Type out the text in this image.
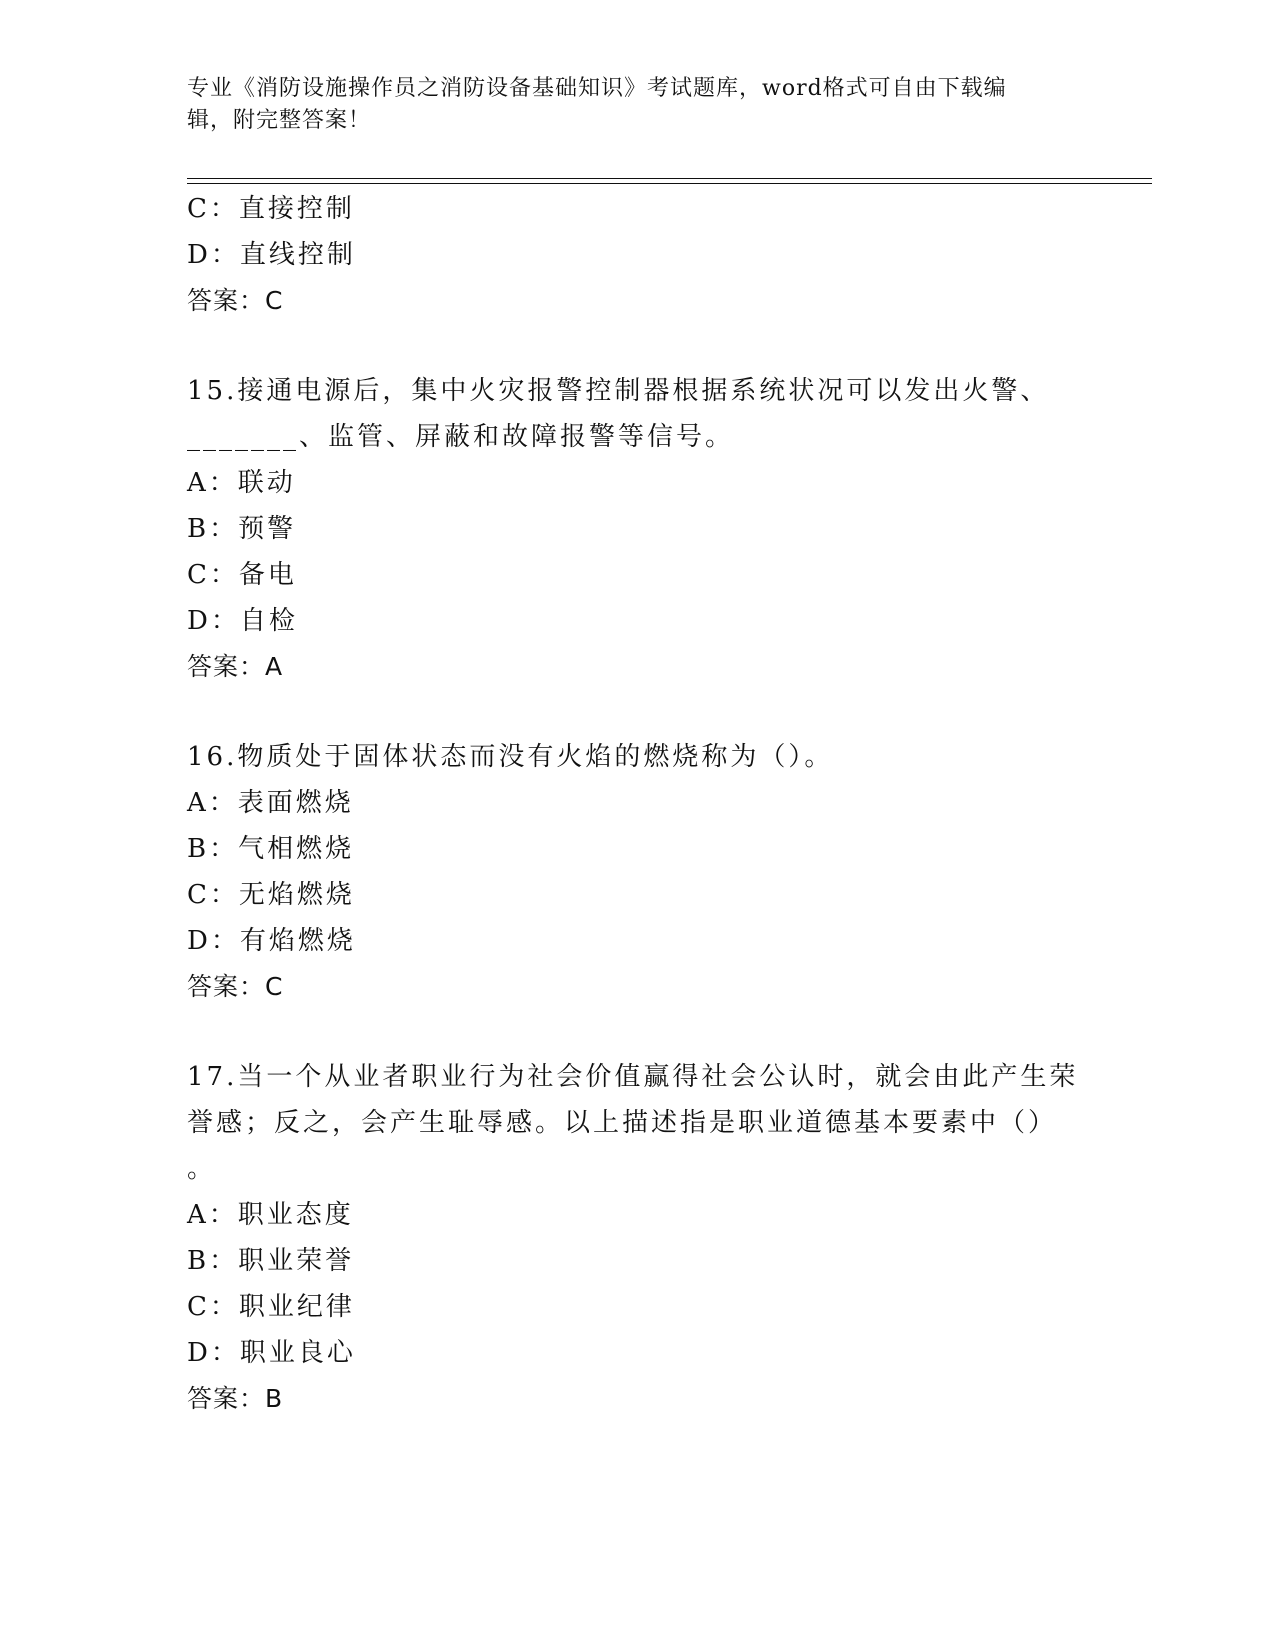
专业《消防设施操作员之消防设备基础知识》考试题库，word格式可自由下载编
辑，附完整答案！
C：直接控制
D：直线控制
答案：C
15.接通电源后，集中火灾报警控制器根据系统状况可以发出火警、
_______、监管、屏蔽和故障报警等信号。
A：联动
B：预警
C：备电
D：自检
答案：A
16.物质处于固体状态而没有火焰的燃烧称为（）。
A：表面燃烧
B：气相燃烧
C：无焰燃烧
D：有焰燃烧
答案：C
17.当一个从业者职业行为社会价值赢得社会公认时，就会由此产生荣
誉感；反之，会产生耻辱感。以上描述指是职业道德基本要素中（）
。
A：职业态度
B：职业荣誉
C：职业纪律
D：职业良心
答案：B
